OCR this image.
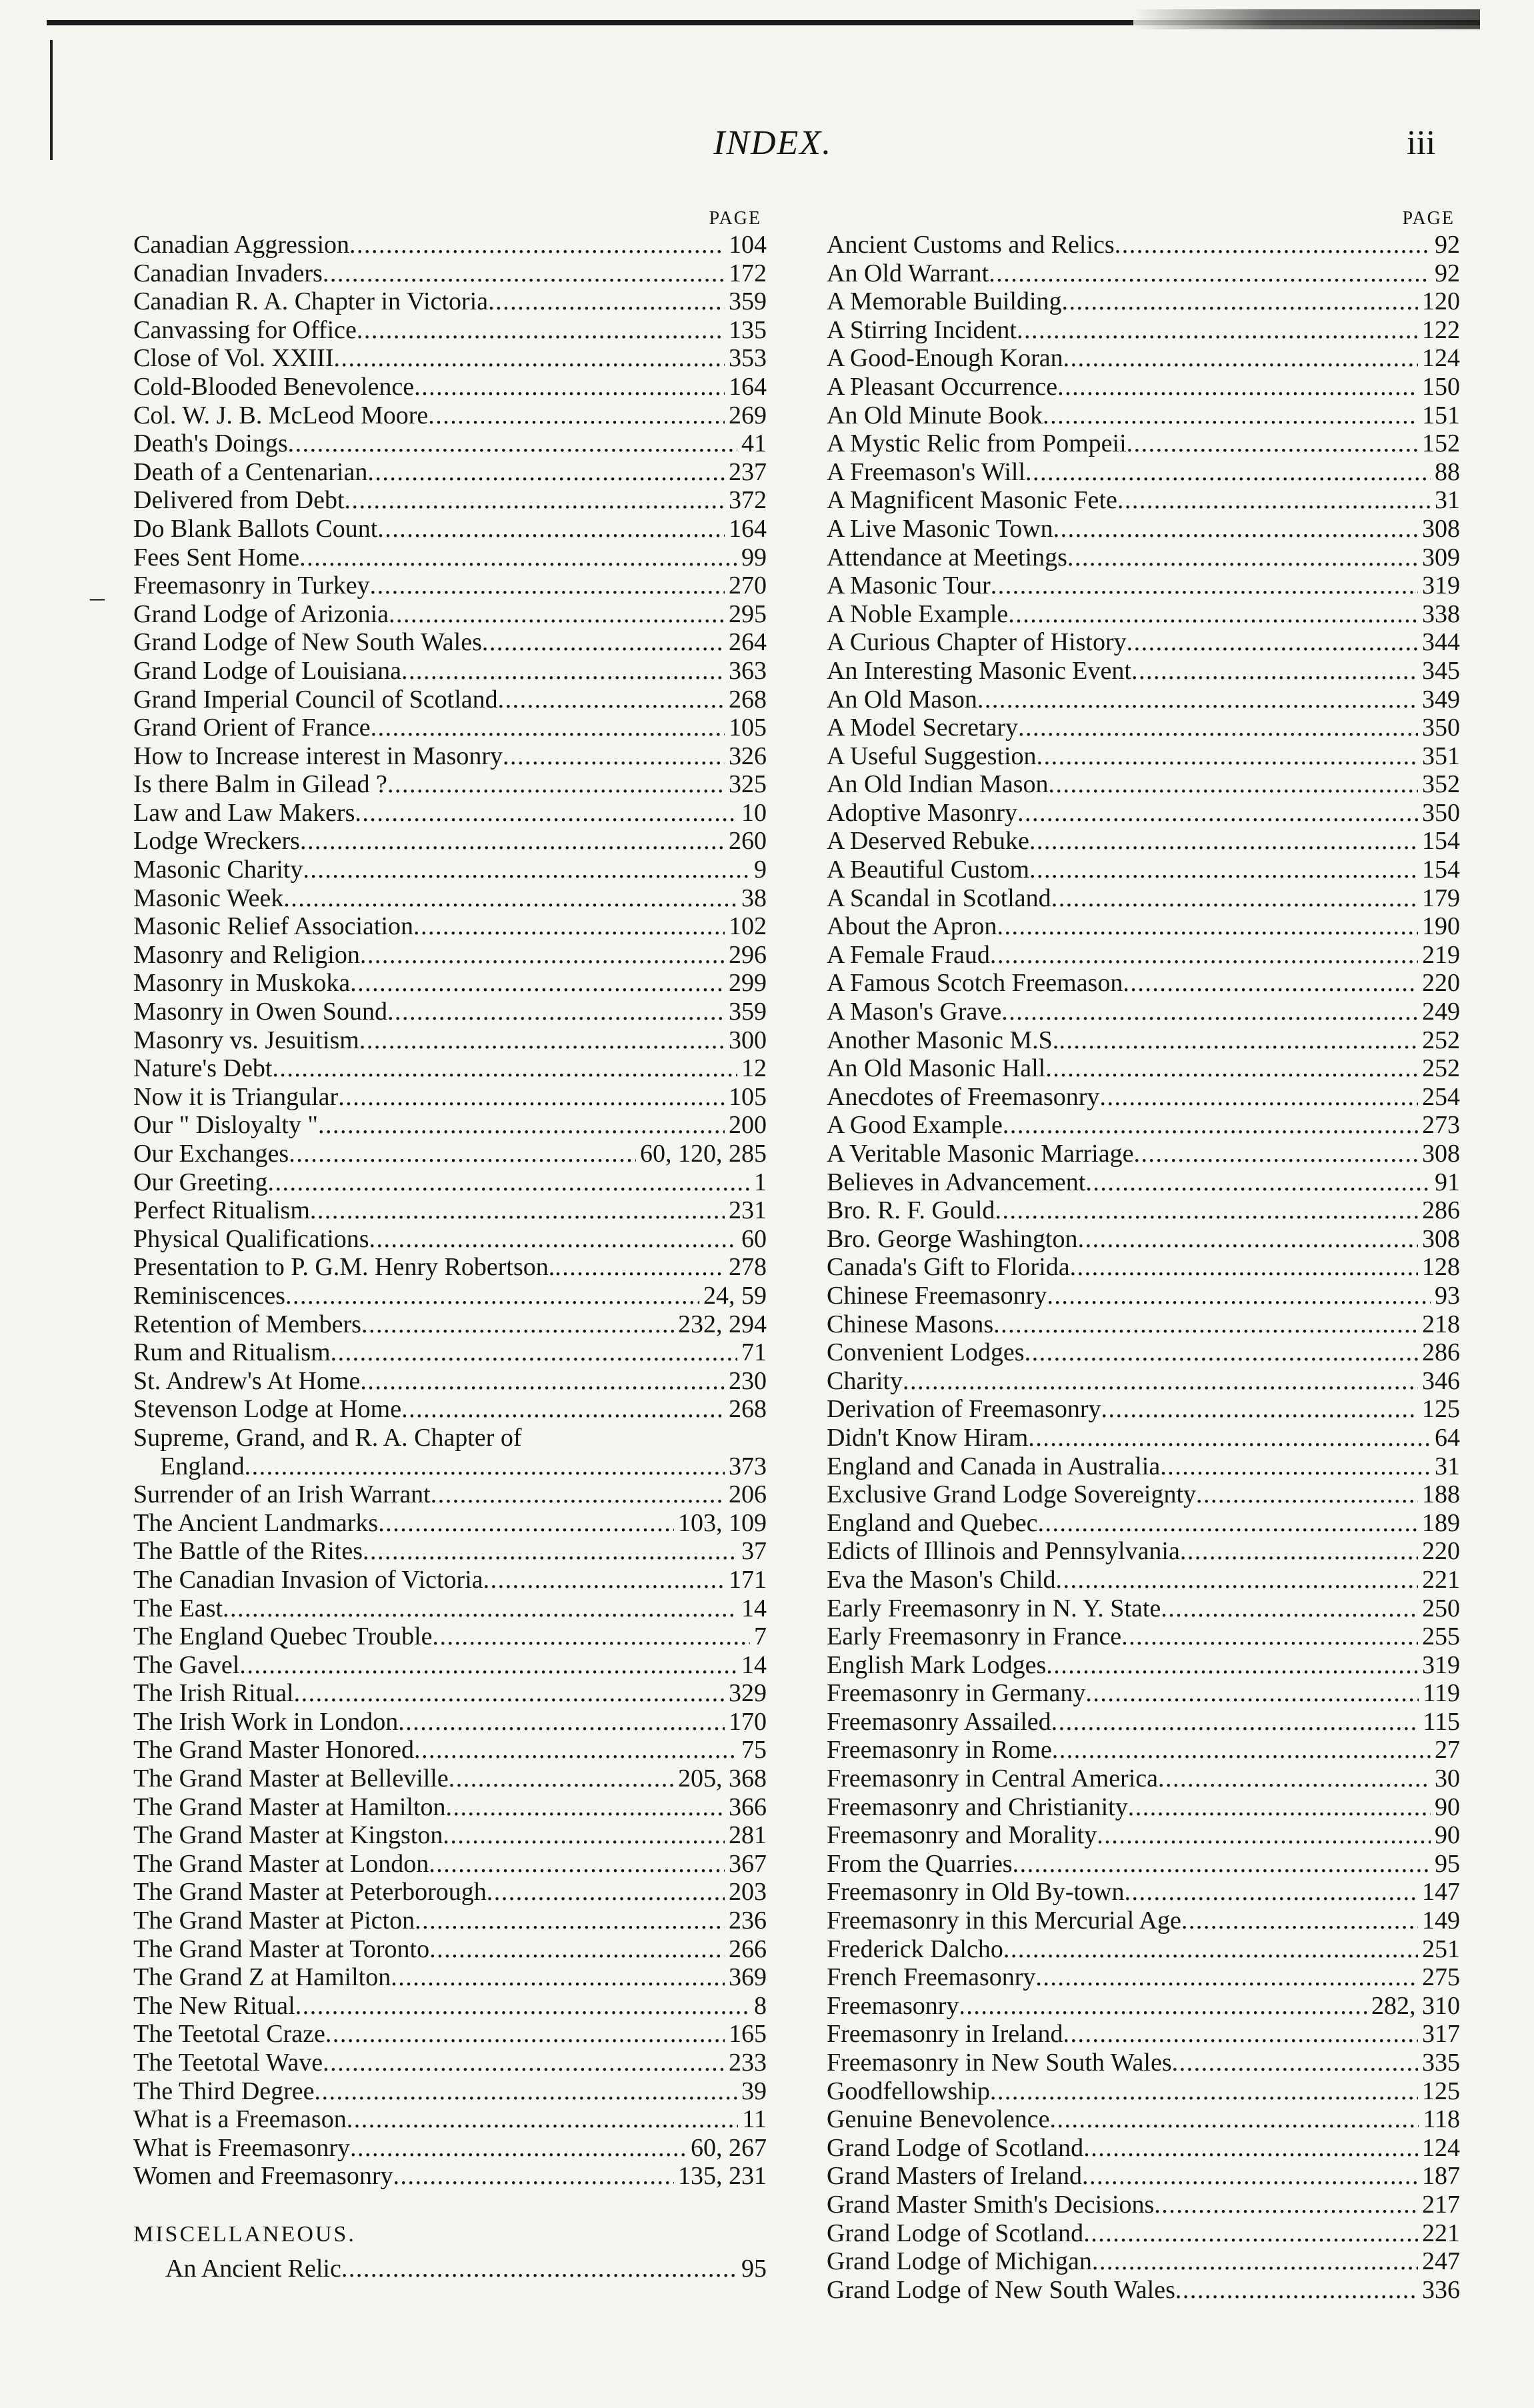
–
INDEX.	iii
PAGE
Canadian Aggression . . .	104
Canadian Invaders . . .	172
Canadian R. A. Chapter in Victoria . . .	359
Canvassing for Office . . .	135
Close of Vol. XXIII . . .	353
Cold-Blooded Benevolence . . .	164
Col. W. J. B. McLeod Moore . . .	269
Death's Doings . . .	41
Death of a Centenarian . . .	237
Delivered from Debt . . .	372
Do Blank Ballots Count . . .	164
Fees Sent Home . . .	99
Freemasonry in Turkey . . .	270
Grand Lodge of Arizonia . . .	295
Grand Lodge of New South Wales . . .	264
Grand Lodge of Louisiana . . .	363
Grand Imperial Council of Scotland . . .	268
Grand Orient of France . . .	105
How to Increase interest in Masonry . . .	326
Is there Balm in Gilead ? . . .	325
Law and Law Makers . . .	10
Lodge Wreckers . . .	260
Masonic Charity . . .	9
Masonic Week . . .	38
Masonic Relief Association . . .	102
Masonry and Religion . . .	296
Masonry in Muskoka . . .	299
Masonry in Owen Sound . . .	359
Masonry vs. Jesuitism . . .	300
Nature's Debt . . .	12
Now it is Triangular . . .	105
Our " Disloyalty " . . .	200
Our Exchanges . . .	60, 120, 285
Our Greeting . . .	1
Perfect Ritualism . . .	231
Physical Qualifications . . .	60
Presentation to P. G.M. Henry Robertson. . . .	278
Reminiscences . . .	24, 59
Retention of Members . . .	232, 294
Rum and Ritualism . . .	71
St. Andrew's At Home . . .	230
Stevenson Lodge at Home . . .	268
Supreme, Grand, and R. A. Chapter of
England . . .	373
Surrender of an Irish Warrant . . .	206
The Ancient Landmarks . . .	103, 109
The Battle of the Rites . . .	37
The Canadian Invasion of Victoria . . .	171
The East . . .	14
The England Quebec Trouble . . .	7
The Gavel . . .	14
The Irish Ritual . . .	329
The Irish Work in London . . .	170
The Grand Master Honored . . .	75
The Grand Master at Belleville . . .	205, 368
The Grand Master at Hamilton . . .	366
The Grand Master at Kingston . . .	281
The Grand Master at London . . .	367
The Grand Master at Peterborough . . .	203
The Grand Master at Picton . . .	236
The Grand Master at Toronto . . .	266
The Grand Z at Hamilton . . .	369
The New Ritual . . .	8
The Teetotal Craze . . .	165
The Teetotal Wave . . .	233
The Third Degree . . .	39
What is a Freemason . . .	11
What is Freemasonry . . .	60, 267
Women and Freemasonry . . .	135, 231
MISCELLANEOUS.
An Ancient Relic . . .	95
PAGE
Ancient Customs and Relics . . .	92
An Old Warrant . . .	92
A Memorable Building . . .	120
A Stirring Incident . . .	122
A Good-Enough Koran . . .	124
A Pleasant Occurrence . . .	150
An Old Minute Book . . .	151
A Mystic Relic from Pompeii . . .	152
A Freemason's Will . . .	88
A Magnificent Masonic Fete . . .	31
A Live Masonic Town . . .	308
Attendance at Meetings . . .	309
A Masonic Tour . . .	319
A Noble Example . . .	338
A Curious Chapter of History . . .	344
An Interesting Masonic Event . . .	345
An Old Mason . . .	349
A Model Secretary . . .	350
A Useful Suggestion . . .	351
An Old Indian Mason . . .	352
Adoptive Masonry . . .	350
A Deserved Rebuke . . .	154
A Beautiful Custom . . .	154
A Scandal in Scotland . . .	179
About the Apron . . .	190
A Female Fraud . . .	219
A Famous Scotch Freemason . . .	220
A Mason's Grave . . .	249
Another Masonic M.S. . . .	252
An Old Masonic Hall . . .	252
Anecdotes of Freemasonry . . .	254
A Good Example . . .	273
A Veritable Masonic Marriage . . .	308
Believes in Advancement . . .	91
Bro. R. F. Gould . . .	286
Bro. George Washington . . .	308
Canada's Gift to Florida . . .	128
Chinese Freemasonry . . .	93
Chinese Masons . . .	218
Convenient Lodges . . .	286
Charity . . .	346
Derivation of Freemasonry . . .	125
Didn't Know Hiram . . .	64
England and Canada in Australia . . .	31
Exclusive Grand Lodge Sovereignty . . .	188
England and Quebec . . .	189
Edicts of Illinois and Pennsylvania . . .	220
Eva the Mason's Child . . .	221
Early Freemasonry in N. Y. State . . .	250
Early Freemasonry in France . . .	255
English Mark Lodges . . .	319
Freemasonry in Germany . . .	119
Freemasonry Assailed . . .	115
Freemasonry in Rome . . .	27
Freemasonry in Central America . . .	30
Freemasonry and Christianity . . .	90
Freemasonry and Morality . . .	90
From the Quarries . . .	95
Freemasonry in Old By-town . . .	147
Freemasonry in this Mercurial Age . . .	149
Frederick Dalcho . . .	251
French Freemasonry . . .	275
Freemasonry . . .	282, 310
Freemasonry in Ireland . . .	317
Freemasonry in New South Wales . . .	335
Goodfellowship . . .	125
Genuine Benevolence . . .	118
Grand Lodge of Scotland . . .	124
Grand Masters of Ireland . . .	187
Grand Master Smith's Decisions . . .	217
Grand Lodge of Scotland . . .	221
Grand Lodge of Michigan . . .	247
Grand Lodge of New South Wales . . .	336
